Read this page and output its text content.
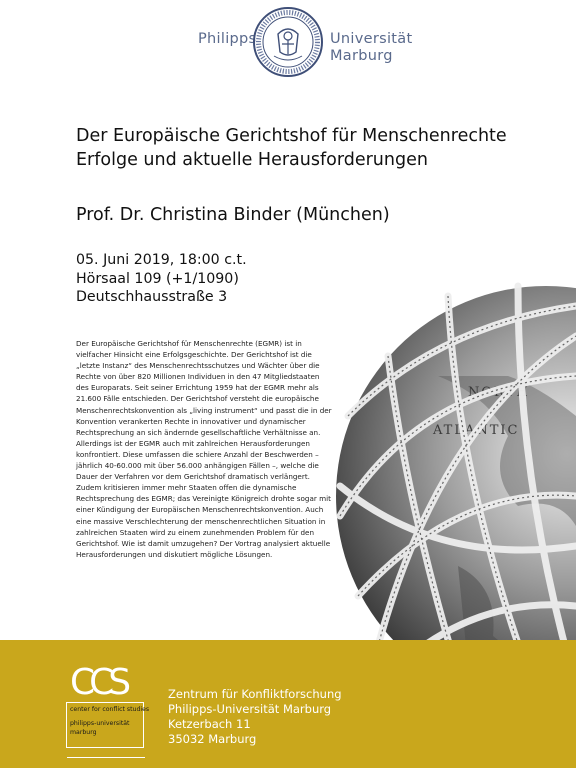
Philipps	Universität
Marburg
Der Europäische Gerichtshof für Menschenrechte
Erfolge und aktuelle Herausforderungen
Prof. Dr. Christina Binder (München)
05. Juni 2019, 18:00 c.t.
Hörsaal 109 (+1/1090)
Deutschhausstraße 3
Der Europäische Gerichtshof für Menschenrechte (EGMR) ist in
vielfacher Hinsicht eine Erfolgsgeschichte. Der Gerichtshof ist die
„letzte Instanz“ des Menschenrechtsschutzes und Wächter über die
Rechte von über 820 Millionen Individuen in den 47 Mitgliedstaaten
des Europarats. Seit seiner Errichtung 1959 hat der EGMR mehr als
21.600 Fälle entschieden. Der Gerichtshof versteht die europäische
Menschenrechtskonvention als „living instrument“ und passt die in der
Konvention verankerten Rechte in innovativer und dynamischer
Rechtsprechung an sich ändernde gesellschaftliche Verhältnisse an.
Allerdings ist der EGMR auch mit zahlreichen Herausforderungen
konfrontiert. Diese umfassen die schiere Anzahl der Beschwerden –
jährlich 40-60.000 mit über 56.000 anhängigen Fällen –, welche die
Dauer der Verfahren vor dem Gerichtshof dramatisch verlängert.
Zudem kritisieren immer mehr Staaten offen die dynamische
Rechtsprechung des EGMR; das Vereinigte Königreich drohte sogar mit
einer Kündigung der Europäischen Menschenrechtskonvention. Auch
eine massive Verschlechterung der menschenrechtlichen Situation in
zahlreichen Staaten wird zu einem zunehmenden Problem für den
Gerichtshof. Wie ist damit umzugehen? Der Vortrag analysiert aktuelle
Herausforderungen und diskutiert mögliche Lösungen.
NORTH
ATLANTIC
CCS
center for conflict studies
philipps-universität
marburg
Zentrum für Konfliktforschung
Philipps-Universität Marburg
Ketzerbach 11
35032 Marburg
